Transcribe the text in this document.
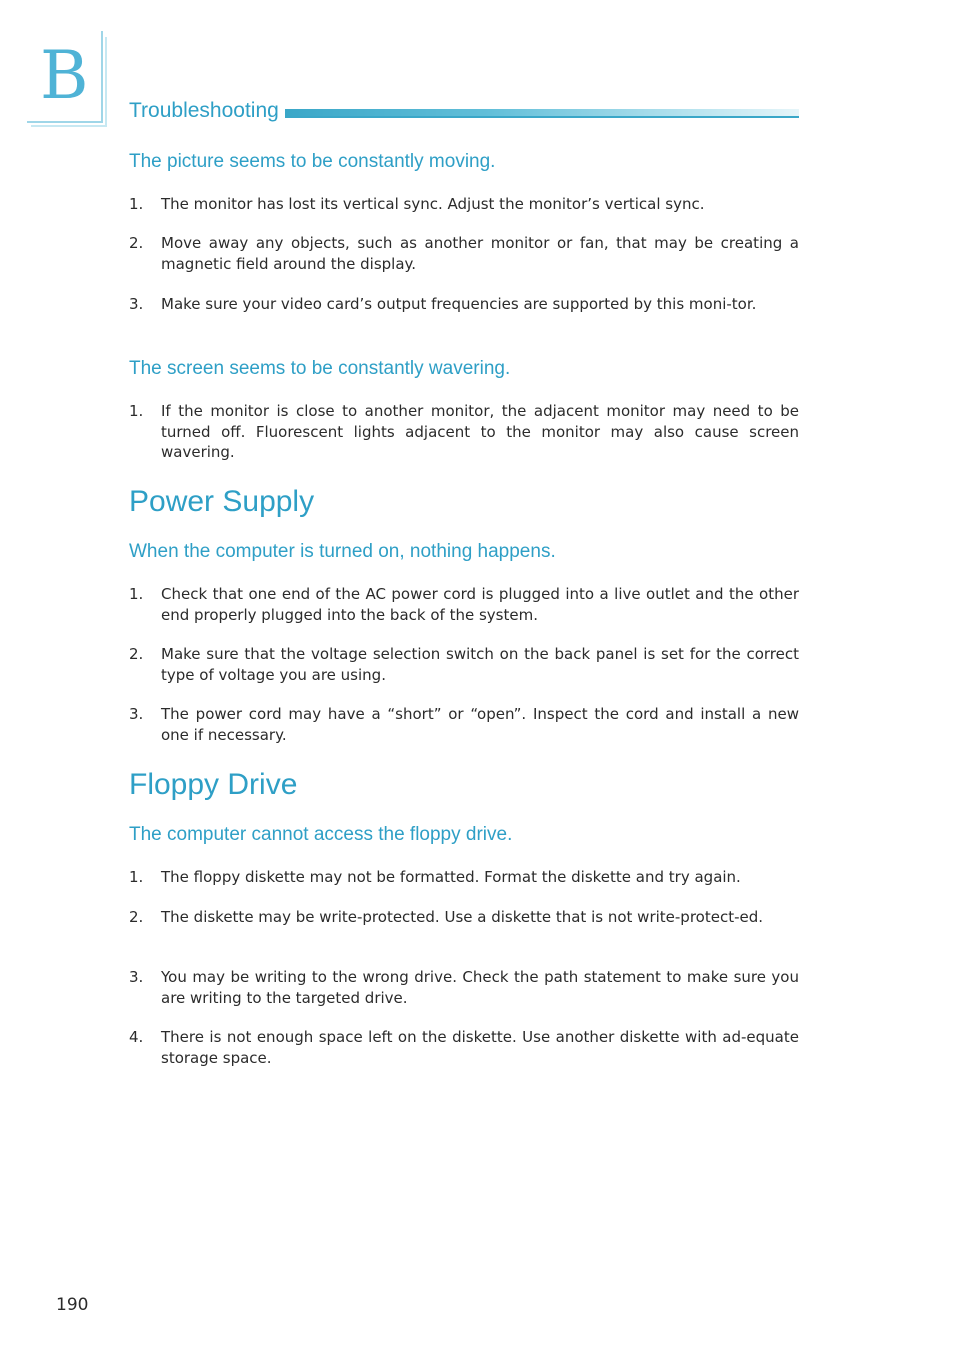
B Troubleshooting
The picture seems to be constantly moving.
1. The monitor has lost its vertical sync. Adjust the monitor’s vertical sync.
2. Move away any objects, such as another monitor or fan, that may be creating a magnetic field around the display.
3. Make sure your video card’s output frequencies are supported by this moni-tor.
The screen seems to be constantly wavering.
1. If the monitor is close to another monitor, the adjacent monitor may need to be turned off. Fluorescent lights adjacent to the monitor may also cause screen wavering.
Power Supply
When the computer is turned on, nothing happens.
1. Check that one end of the AC power cord is plugged into a live outlet and the other end properly plugged into the back of the system.
2. Make sure that the voltage selection switch on the back panel is set for the correct type of voltage you are using.
3. The power cord may have a “short” or “open”. Inspect the cord and install a new one if necessary.
Floppy Drive
The computer cannot access the floppy drive.
1. The floppy diskette may not be formatted. Format the diskette and try again.
2. The diskette may be write-protected. Use a diskette that is not write-protect-ed.
3. You may be writing to the wrong drive. Check the path statement to make sure you are writing to the targeted drive.
4. There is not enough space left on the diskette. Use another diskette with ad-equate storage space.
190
